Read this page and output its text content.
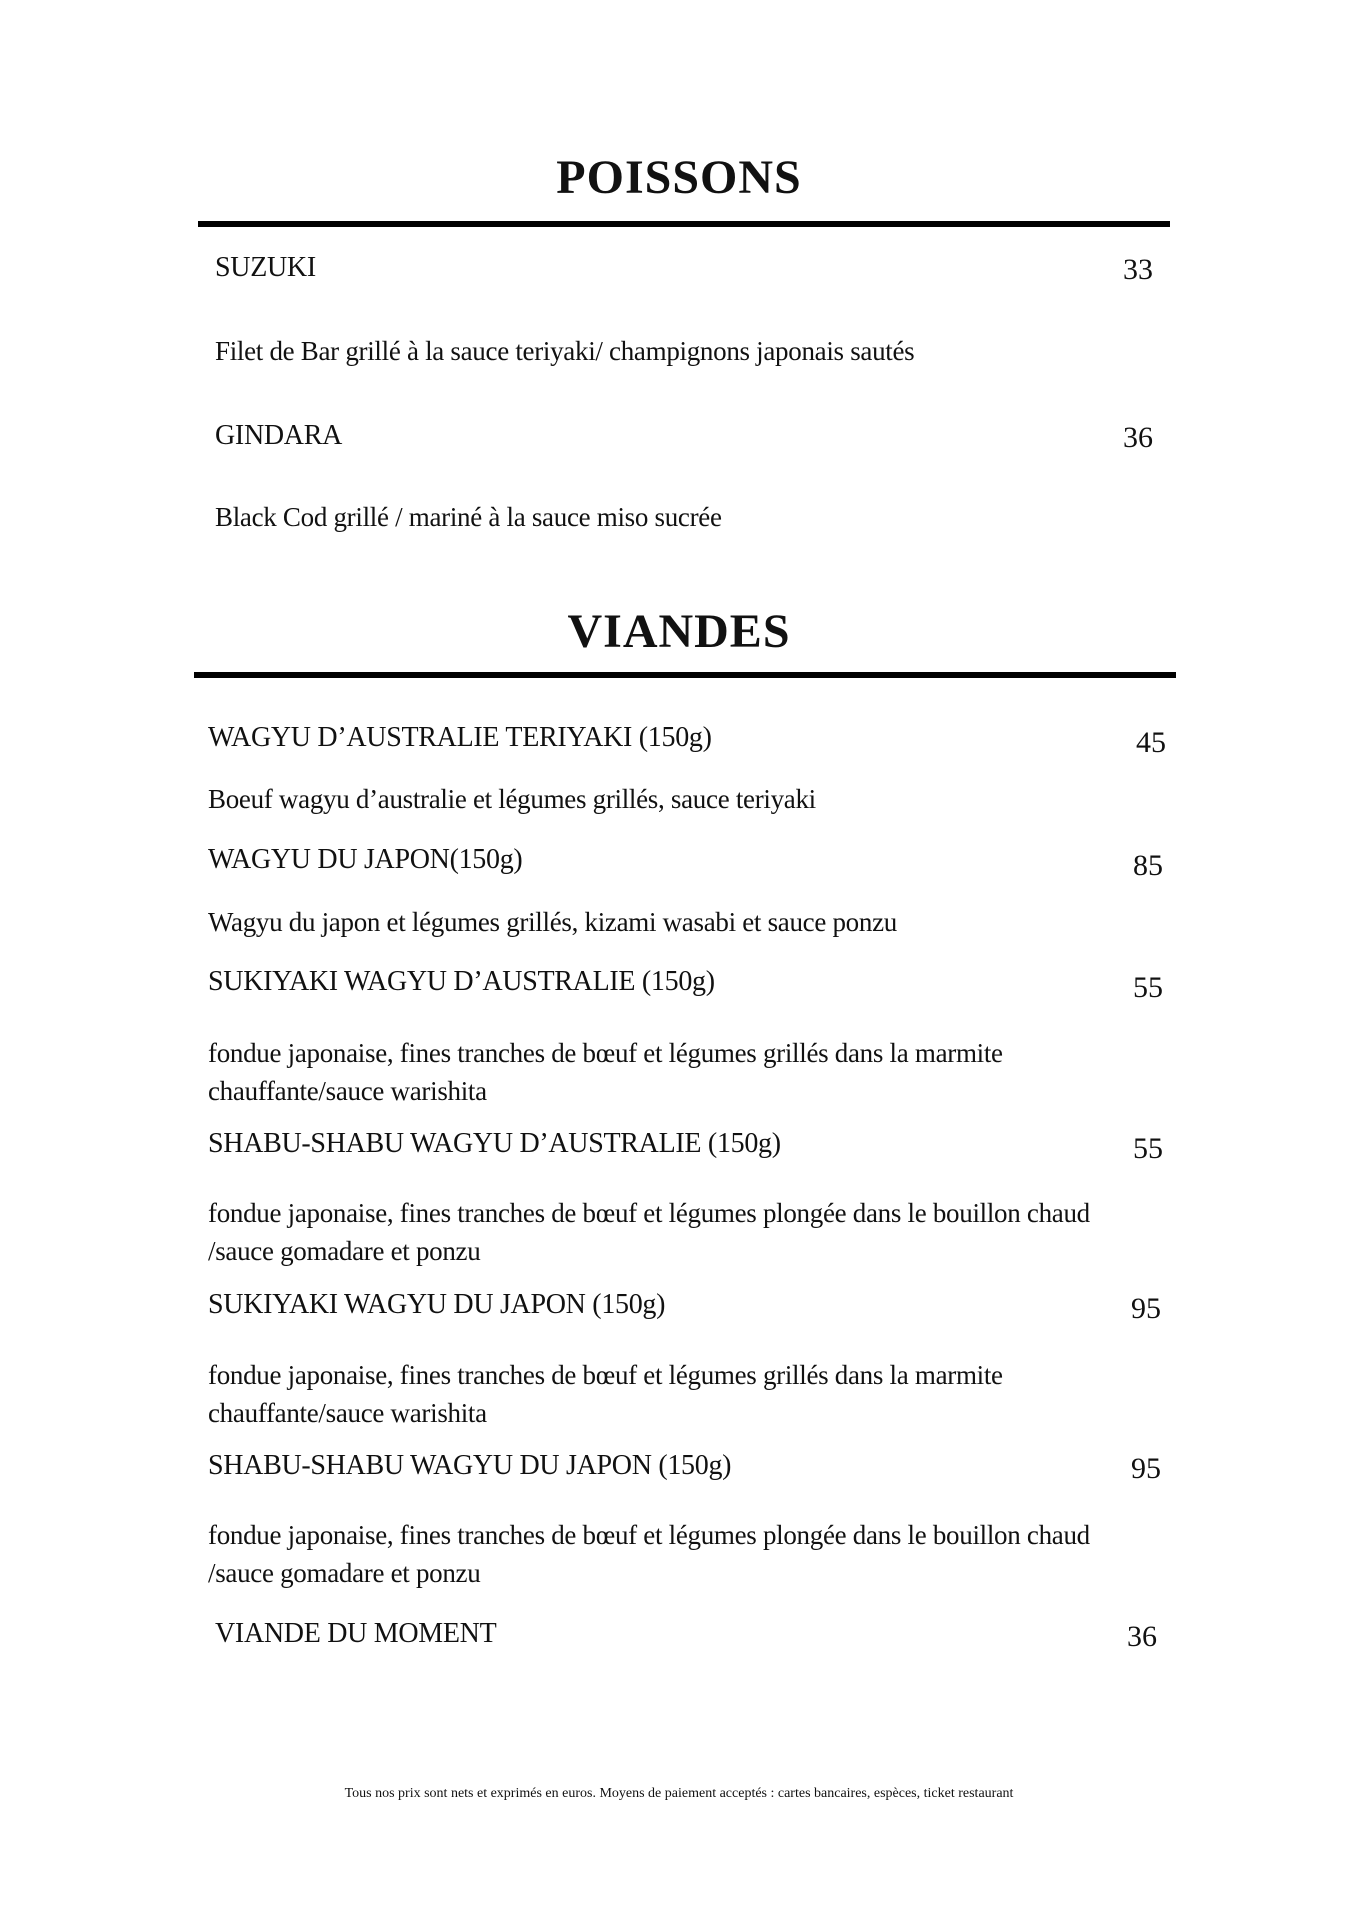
POISSONS
SUZUKI	33
Filet de Bar grillé à la sauce teriyaki/ champignons japonais sautés
GINDARA	36
Black Cod grillé / mariné à la sauce miso sucrée
VIANDES
WAGYU D’AUSTRALIE TERIYAKI (150g)	45
Boeuf wagyu d’australie et légumes grillés, sauce teriyaki
WAGYU DU JAPON(150g)	85
Wagyu du japon et légumes grillés, kizami wasabi et sauce ponzu
SUKIYAKI WAGYU D’AUSTRALIE (150g)	55
fondue japonaise, fines tranches de bœuf et légumes grillés dans la marmite chauffante/sauce warishita
SHABU-SHABU WAGYU D’AUSTRALIE (150g)	55
fondue japonaise, fines tranches de bœuf et légumes plongée dans le bouillon chaud /sauce gomadare et ponzu
SUKIYAKI WAGYU DU JAPON (150g)	95
fondue japonaise, fines tranches de bœuf et légumes grillés dans la marmite chauffante/sauce warishita
SHABU-SHABU WAGYU DU JAPON (150g)	95
fondue japonaise, fines tranches de bœuf et légumes plongée dans le bouillon chaud /sauce gomadare et ponzu
VIANDE DU MOMENT	36
Tous nos prix sont nets et exprimés en euros. Moyens de paiement acceptés : cartes bancaires, espèces, ticket restaurant
